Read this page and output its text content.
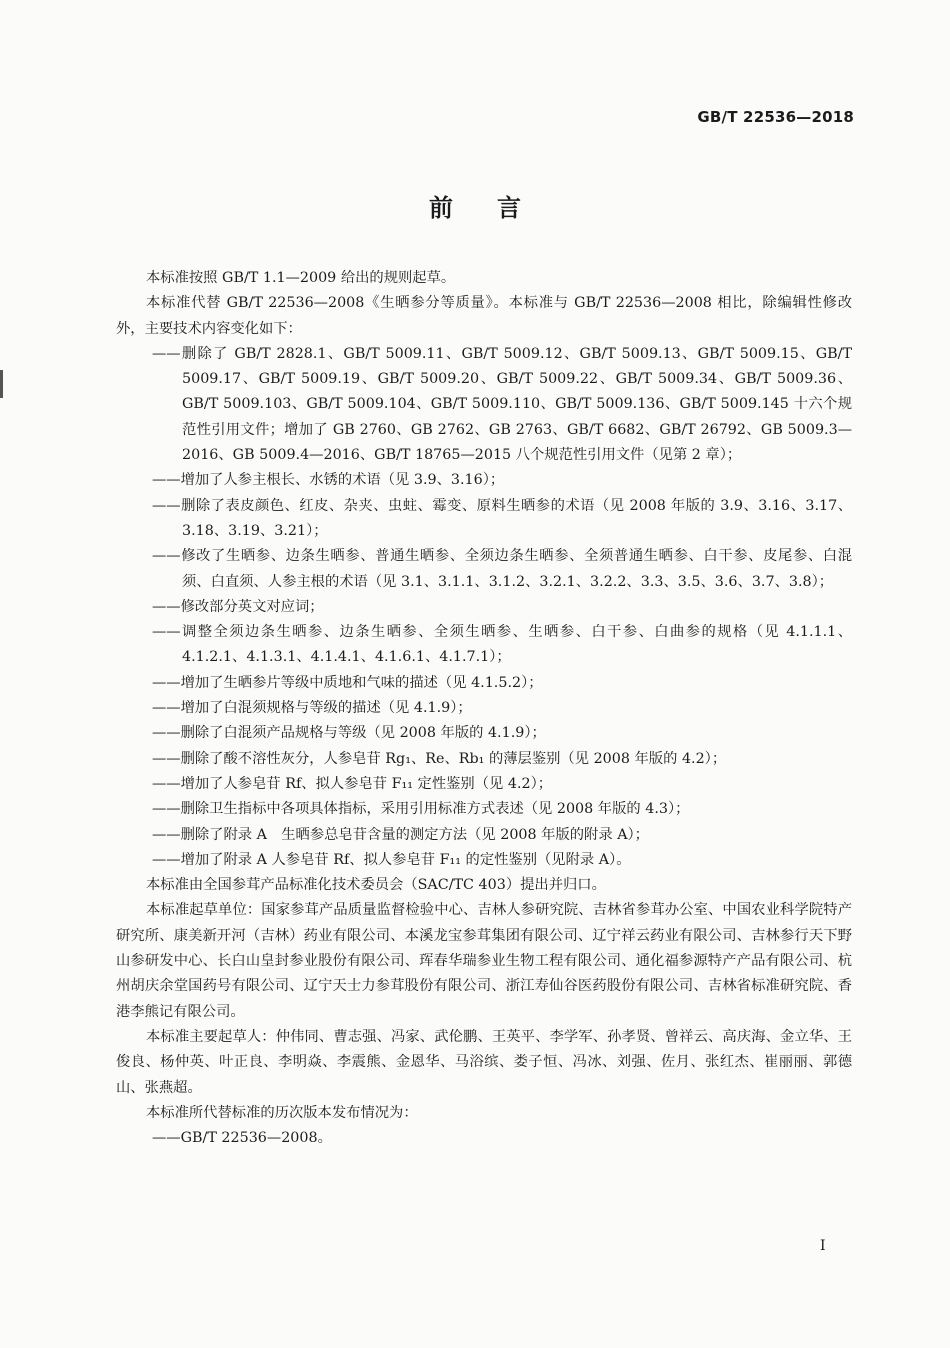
GB/T 22536—2018
前言

本标准按照 GB/T 1.1—2009 给出的规则起草。

本标准代替 GB/T 22536—2008《生晒参分等质量》。本标准与 GB/T 22536—2008 相比，除编辑性修改外，主要技术内容变化如下：

——删除了 GB/T 2828.1、GB/T 5009.11、GB/T 5009.12、GB/T 5009.13、GB/T 5009.15、GB/T 5009.17、GB/T 5009.19、GB/T 5009.20、GB/T 5009.22、GB/T 5009.34、GB/T 5009.36、GB/T 5009.103、GB/T 5009.104、GB/T 5009.110、GB/T 5009.136、GB/T 5009.145 十六个规范性引用文件；增加了 GB 2760、GB 2762、GB 2763、GB/T 6682、GB/T 26792、GB 5009.3—2016、GB 5009.4—2016、GB/T 18765—2015 八个规范性引用文件（见第 2 章）；

——增加了人参主根长、水锈的术语（见 3.9、3.16）；

——删除了表皮颜色、红皮、杂夹、虫蛀、霉变、原料生晒参的术语（见 2008 年版的 3.9、3.16、3.17、3.18、3.19、3.21）；

——修改了生晒参、边条生晒参、普通生晒参、全须边条生晒参、全须普通生晒参、白干参、皮尾参、白混须、白直须、人参主根的术语（见 3.1、3.1.1、3.1.2、3.2.1、3.2.2、3.3、3.5、3.6、3.7、3.8）；

——修改部分英文对应词；

——调整全须边条生晒参、边条生晒参、全须生晒参、生晒参、白干参、白曲参的规格（见 4.1.1.1、4.1.2.1、4.1.3.1、4.1.4.1、4.1.6.1、4.1.7.1）；

——增加了生晒参片等级中质地和气味的描述（见 4.1.5.2）；

——增加了白混须规格与等级的描述（见 4.1.9）；

——删除了白混须产品规格与等级（见 2008 年版的 4.1.9）；

——删除了酸不溶性灰分，人参皂苷 Rg₁、Re、Rb₁ 的薄层鉴别（见 2008 年版的 4.2）；

——增加了人参皂苷 Rf、拟人参皂苷 F₁₁ 定性鉴别（见 4.2）；

——删除卫生指标中各项具体指标，采用引用标准方式表述（见 2008 年版的 4.3）；

——删除了附录 A　生晒参总皂苷含量的测定方法（见 2008 年版的附录 A）；

——增加了附录 A 人参皂苷 Rf、拟人参皂苷 F₁₁ 的定性鉴别（见附录 A）。

本标准由全国参茸产品标准化技术委员会（SAC/TC 403）提出并归口。

本标准起草单位：国家参茸产品质量监督检验中心、吉林人参研究院、吉林省参茸办公室、中国农业科学院特产研究所、康美新开河（吉林）药业有限公司、本溪龙宝参茸集团有限公司、辽宁祥云药业有限公司、吉林参行天下野山参研发中心、长白山皇封参业股份有限公司、珲春华瑞参业生物工程有限公司、通化福参源特产产品有限公司、杭州胡庆余堂国药号有限公司、辽宁天士力参茸股份有限公司、浙江寿仙谷医药股份有限公司、吉林省标准研究院、香港李熊记有限公司。

本标准主要起草人：仲伟同、曹志强、冯家、武伦鹏、王英平、李学军、孙孝贤、曾祥云、高庆海、金立华、王俊良、杨仲英、叶正良、李明焱、李震熊、金恩华、马浴缤、娄子恒、冯冰、刘强、佐月、张红杰、崔丽丽、郭德山、张燕超。

本标准所代替标准的历次版本发布情况为：

——GB/T 22536—2008。

I
